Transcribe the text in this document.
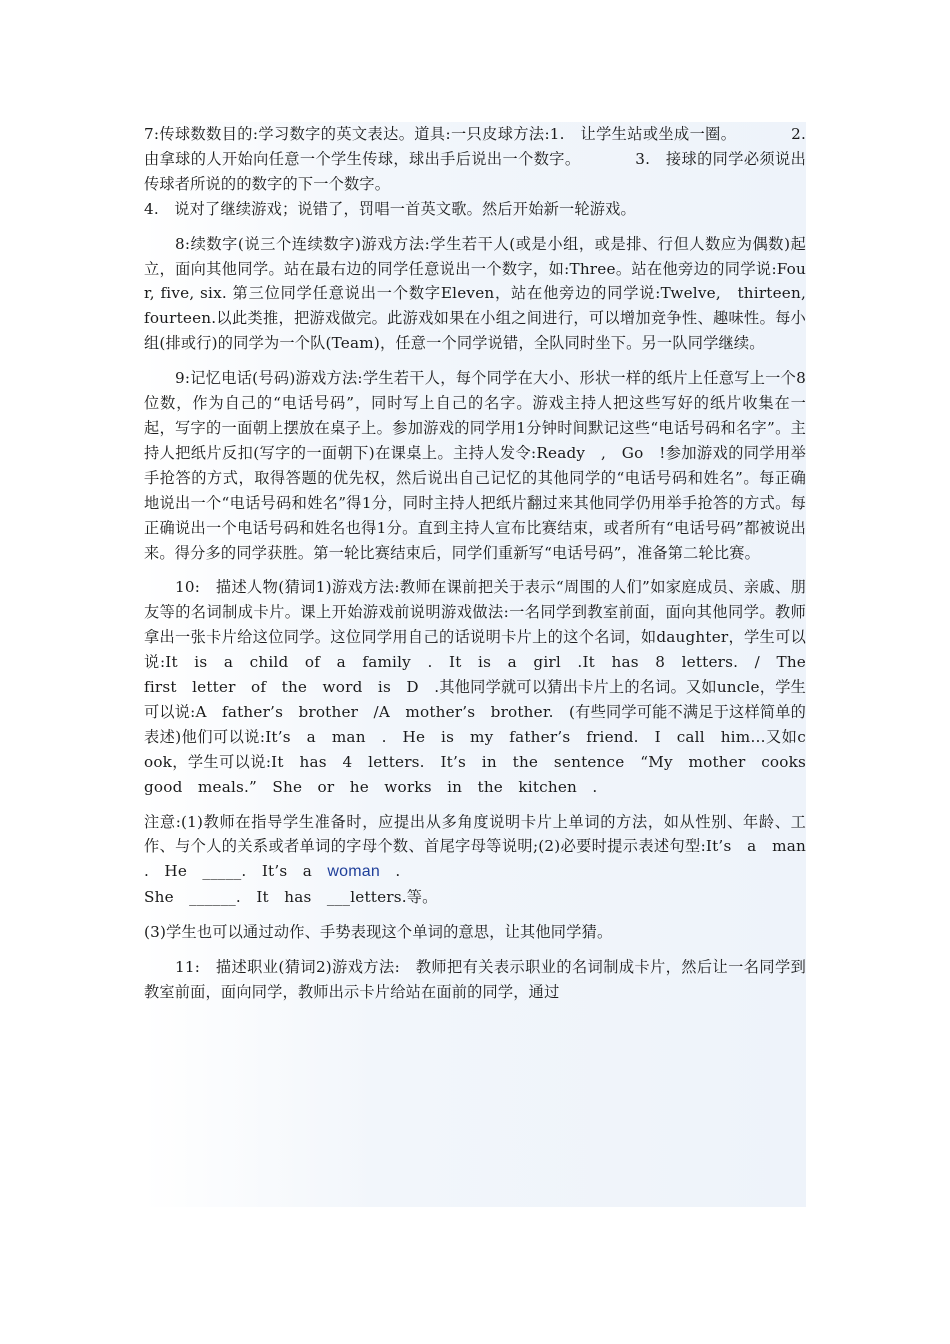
7:传球数数目的:学习数字的英文表达。道具:一只皮球方法:1.　让学生站或坐成一圈。　　　　2.　由拿球的人开始向任意一个学生传球，球出手后说出一个数字。　　　　3.　接球的同学必须说出传球者所说的的数字的下一个数字。
4.　说对了继续游戏；说错了，罚唱一首英文歌。然后开始新一轮游戏。

8:续数字(说三个连续数字)游戏方法:学生若干人(或是小组，或是排、行但人数应为偶数)起立，面向其他同学。站在最右边的同学任意说出一个数字，如:Three。站在他旁边的同学说:Four, five, six. 第三位同学任意说出一个数字Eleven，站在他旁边的同学说:Twelve,　thirteen,　fourteen.以此类推，把游戏做完。此游戏如果在小组之间进行，可以增加竞争性、趣味性。每小组(排或行)的同学为一个队(Team)，任意一个同学说错，全队同时坐下。另一队同学继续。

9:记忆电话(号码)游戏方法:学生若干人，每个同学在大小、形状一样的纸片上任意写上一个8位数，作为自己的“电话号码”，同时写上自己的名字。游戏主持人把这些写好的纸片收集在一起，写字的一面朝上摆放在桌子上。参加游戏的同学用1分钟时间默记这些“电话号码和名字”。主持人把纸片反扣(写字的一面朝下)在课桌上。主持人发令:Ready　,　Go　!参加游戏的同学用举手抢答的方式，取得答题的优先权，然后说出自己记忆的其他同学的“电话号码和姓名”。每正确地说出一个“电话号码和姓名”得1分，同时主持人把纸片翻过来其他同学仍用举手抢答的方式。每正确说出一个电话号码和姓名也得1分。直到主持人宣布比赛结束，或者所有“电话号码”都被说出来。得分多的同学获胜。第一轮比赛结束后，同学们重新写“电话号码”，准备第二轮比赛。

10:　描述人物(猜词1)游戏方法:教师在课前把关于表示“周围的人们”如家庭成员、亲戚、朋友等的名词制成卡片。课上开始游戏前说明游戏做法:一名同学到教室前面，面向其他同学。教师拿出一张卡片给这位同学。这位同学用自己的话说明卡片上的这个名词，如daughter，学生可以说:It　is　a　child　of　a　family　.　It　is　a　girl　.It　has　8　letters.　/　The　first　letter　of　the　word　is　D　.其他同学就可以猜出卡片上的名词。又如uncle，学生可以说:A　father’s　brother　/A　mother’s　brother.　(有些同学可能不满足于这样简单的表述)他们可以说:It’s　a　man　.　He　is　my　father’s　friend.　I　call　him…又如cook，学生可以说:It　has　4　letters.　It’s　in　the　sentence　“My　mother　cooks　good　meals.”　She　or　he　works　in　the　kitchen　.

注意:(1)教师在指导学生准备时，应提出从多角度说明卡片上单词的方法，如从性别、年龄、工作、与个人的关系或者单词的字母个数、首尾字母等说明;(2)必要时提示表述句型:It’s　a　man　.　He　_____.　It’s　a　woman　.
She　______.　It　has　___letters.等。

(3)学生也可以通过动作、手势表现这个单词的意思，让其他同学猜。

11:　描述职业(猜词2)游戏方法:　教师把有关表示职业的名词制成卡片，然后让一名同学到教室前面，面向同学，教师出示卡片给站在面前的同学，通过
